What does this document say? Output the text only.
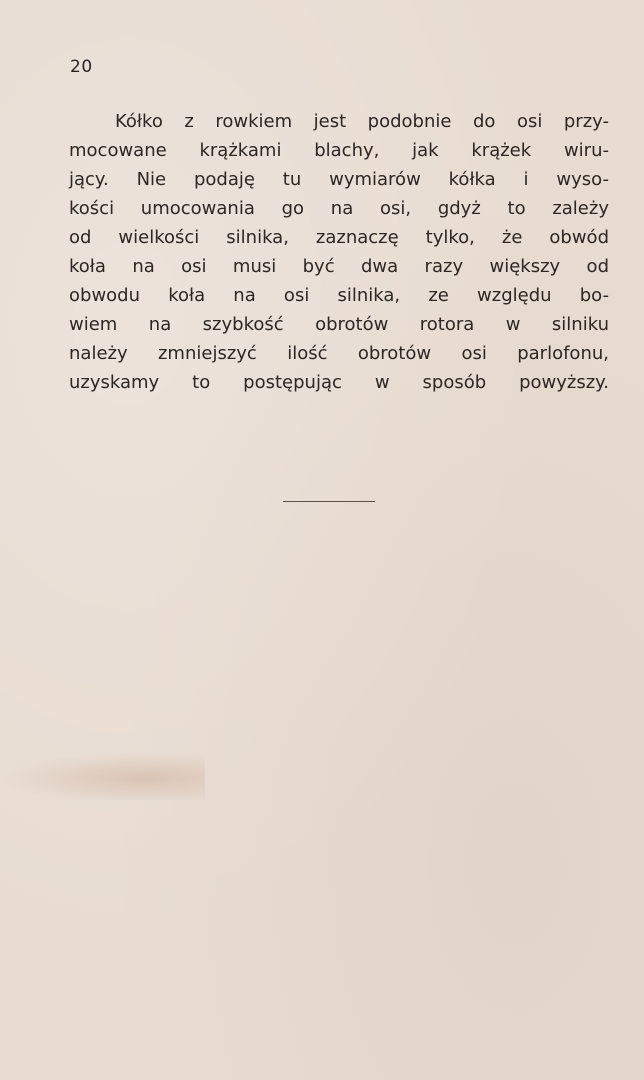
20
Kółko z rowkiem jest podobnie do osi przy-
mocowane krążkami blachy, jak krążek wiru-
jący. Nie podaję tu wymiarów kółka i wyso-
kości umocowania go na osi, gdyż to zależy
od wielkości silnika, zaznaczę tylko, że obwód
koła na osi musi być dwa razy większy od
obwodu koła na osi silnika, ze względu bo-
wiem na szybkość obrotów rotora w silniku
należy zmniejszyć ilość obrotów osi parlofonu,
uzyskamy to postępując w sposób powyższy.
